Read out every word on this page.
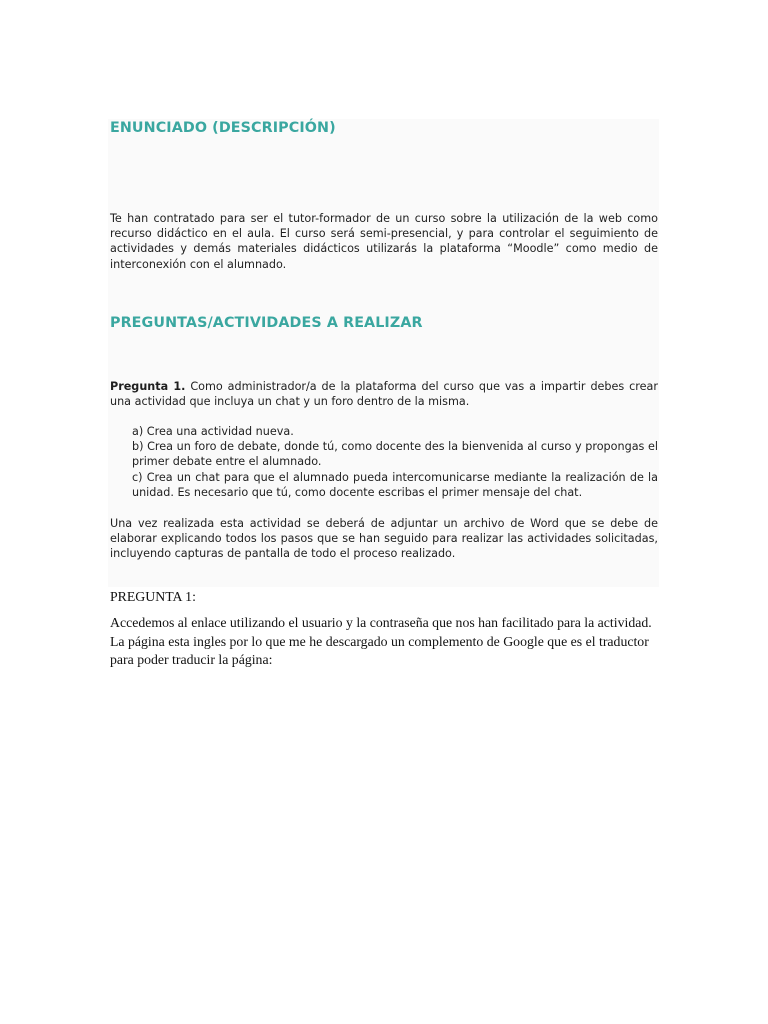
ENUNCIADO (DESCRIPCIÓN)

Te han contratado para ser el tutor-formador de un curso sobre la utilización de la web como recurso didáctico en el aula. El curso será semi-presencial, y para controlar el seguimiento de actividades y demás materiales didácticos utilizarás la plataforma “Moodle” como medio de interconexión con el alumnado.

PREGUNTAS/ACTIVIDADES A REALIZAR

Pregunta 1. Como administrador/a de la plataforma del curso que vas a impartir debes crear una actividad que incluya un chat y un foro dentro de la misma.

a) Crea una actividad nueva.
b) Crea un foro de debate, donde tú, como docente des la bienvenida al curso y propongas el primer debate entre el alumnado.
c) Crea un chat para que el alumnado pueda intercomunicarse mediante la realización de la unidad. Es necesario que tú, como docente escribas el primer mensaje del chat.

Una vez realizada esta actividad se deberá de adjuntar un archivo de Word que se debe de elaborar explicando todos los pasos que se han seguido para realizar las actividades solicitadas, incluyendo capturas de pantalla de todo el proceso realizado.

PREGUNTA 1:

Accedemos al enlace utilizando el usuario y la contraseña que nos han facilitado para la actividad. La página esta ingles por lo que me he descargado un complemento de Google que es el traductor para poder traducir la página:
